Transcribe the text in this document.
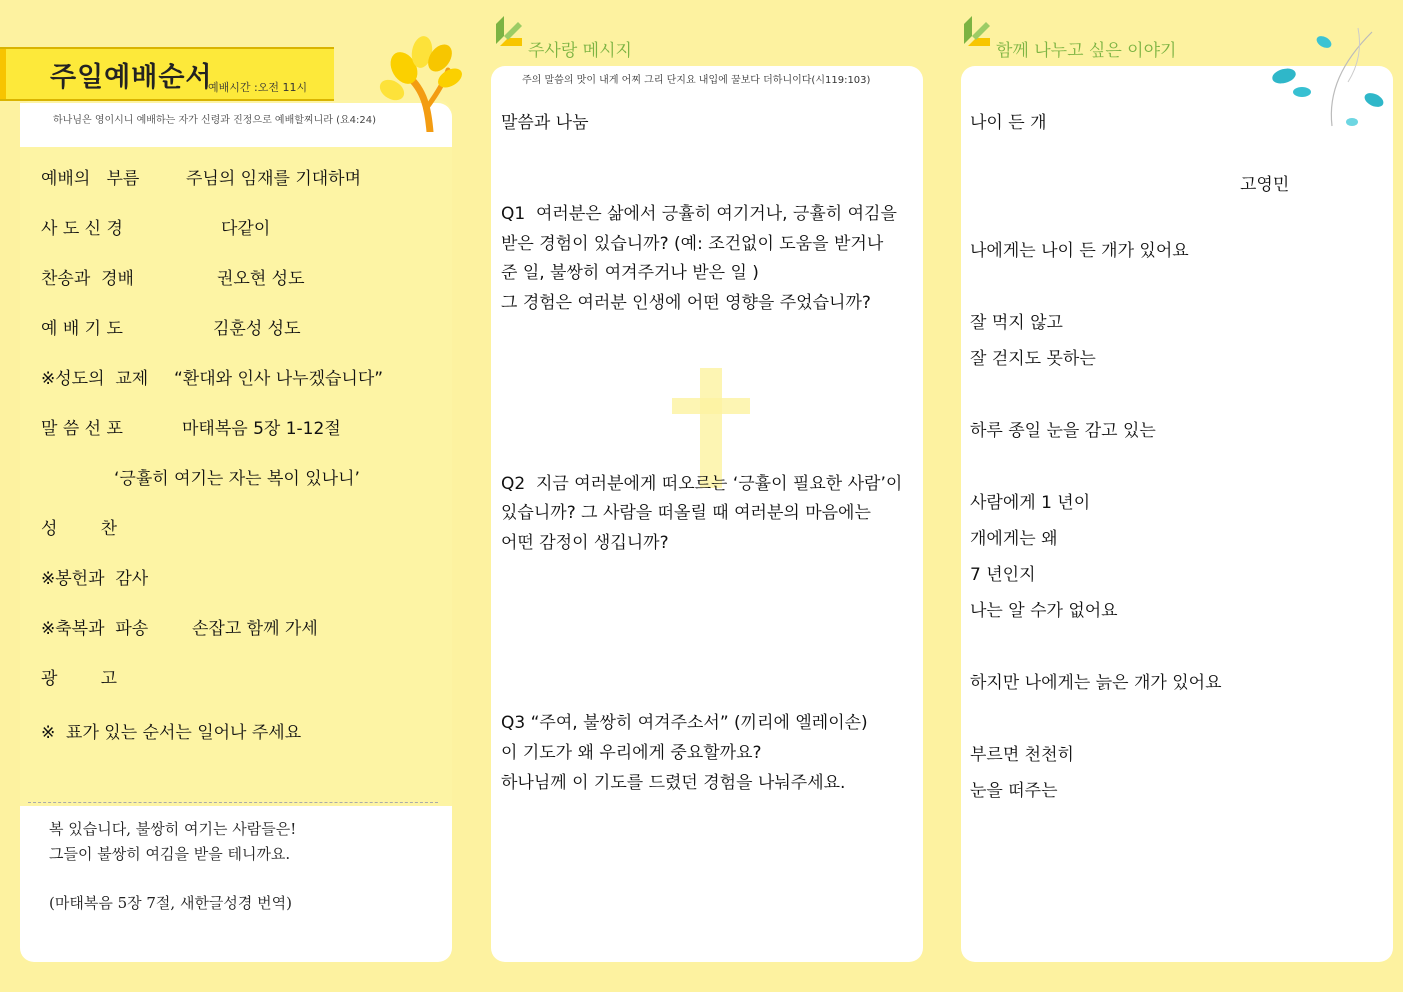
주일예배순서
예배시간 :오전 11시
하나님은 영이시니 예배하는 자가 신령과 진정으로 예배할찌니라 (요4:24)
예배의   부름	주님의 임재를 기대하며
사 도 신 경	다같이
찬송과  경배	권오현 성도
예 배 기 도	김훈성 성도
※성도의  교제 “환대와 인사 나누겠습니다”
말 씀 선 포	마태복음 5장 1-12절
‘긍휼히 여기는 자는 복이 있나니’
성        찬
※봉헌과  감사
※축복과  파송	손잡고 함께 가세
광        고
※  표가 있는 순서는 일어나 주세요
복 있습니다, 불쌍히 여기는 사람들은!
그들이 불쌍히 여김을 받을 테니까요.
(마태복음 5장 7절, 새한글성경 번역)
주사랑 메시지
주의 말씀의 맛이 내게 어찌 그리 단지요 내입에 꿀보다 더하니이다(시119:103)
말씀과 나눔
Q1  여러분은 삶에서 긍휼히 여기거나, 긍휼히 여김을
받은 경험이 있습니까? (예: 조건없이 도움을 받거나
준 일, 불쌍히 여겨주거나 받은 일 )
그 경험은 여러분 인생에 어떤 영향을 주었습니까?
Q2  지금 여러분에게 떠오르는 ‘긍휼이 필요한 사람’이
있습니까? 그 사람을 떠올릴 때 여러분의 마음에는
어떤 감정이 생깁니까?
Q3 “주여, 불쌍히 여겨주소서” (끼리에 엘레이손)
이 기도가 왜 우리에게 중요할까요?
하나님께 이 기도를 드렸던 경험을 나눠주세요.
함께 나누고 싶은 이야기
나이 든 개
고영민
나에게는 나이 든 개가 있어요
잘 먹지 않고
잘 걷지도 못하는
하루 종일 눈을 감고 있는
사람에게 1 년이
개에게는 왜
7 년인지
나는 알 수가 없어요
하지만 나에게는 늙은 개가 있어요
부르면 천천히
눈을 떠주는
